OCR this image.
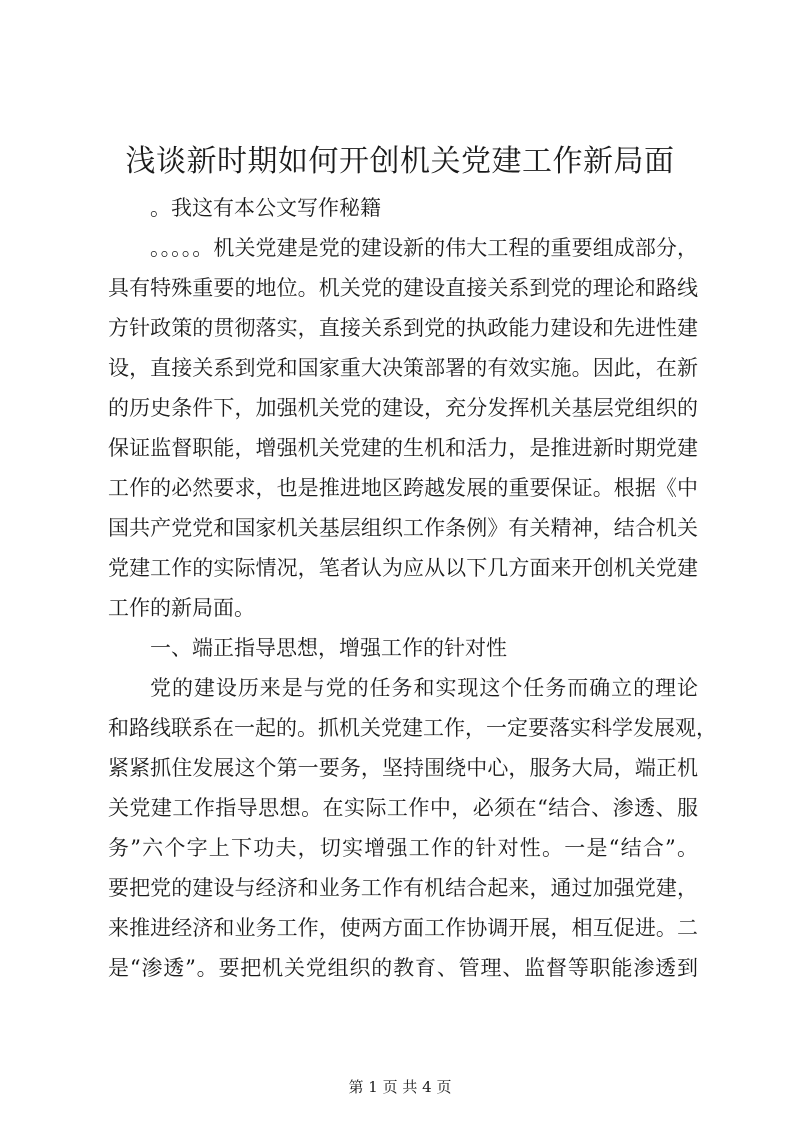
浅谈新时期如何开创机关党建工作新局面
。我这有本公文写作秘籍
。。。。。机关党建是党的建设新的伟大工程的重要组成部分，
具有特殊重要的地位。机关党的建设直接关系到党的理论和路线
方针政策的贯彻落实，直接关系到党的执政能力建设和先进性建
设，直接关系到党和国家重大决策部署的有效实施。因此，在新
的历史条件下，加强机关党的建设，充分发挥机关基层党组织的
保证监督职能，增强机关党建的生机和活力，是推进新时期党建
工作的必然要求，也是推进地区跨越发展的重要保证。根据《中
国共产党党和国家机关基层组织工作条例》有关精神，结合机关
党建工作的实际情况，笔者认为应从以下几方面来开创机关党建
工作的新局面。
一、端正指导思想，增强工作的针对性
党的建设历来是与党的任务和实现这个任务而确立的理论
和路线联系在一起的。抓机关党建工作，一定要落实科学发展观，
紧紧抓住发展这个第一要务，坚持围绕中心，服务大局，端正机
关党建工作指导思想。在实际工作中，必须在“结合、渗透、服
务”六个字上下功夫，切实增强工作的针对性。一是“结合”。
要把党的建设与经济和业务工作有机结合起来，通过加强党建，
来推进经济和业务工作，使两方面工作协调开展，相互促进。二
是“渗透”。要把机关党组织的教育、管理、监督等职能渗透到
第 1 页 共 4 页
